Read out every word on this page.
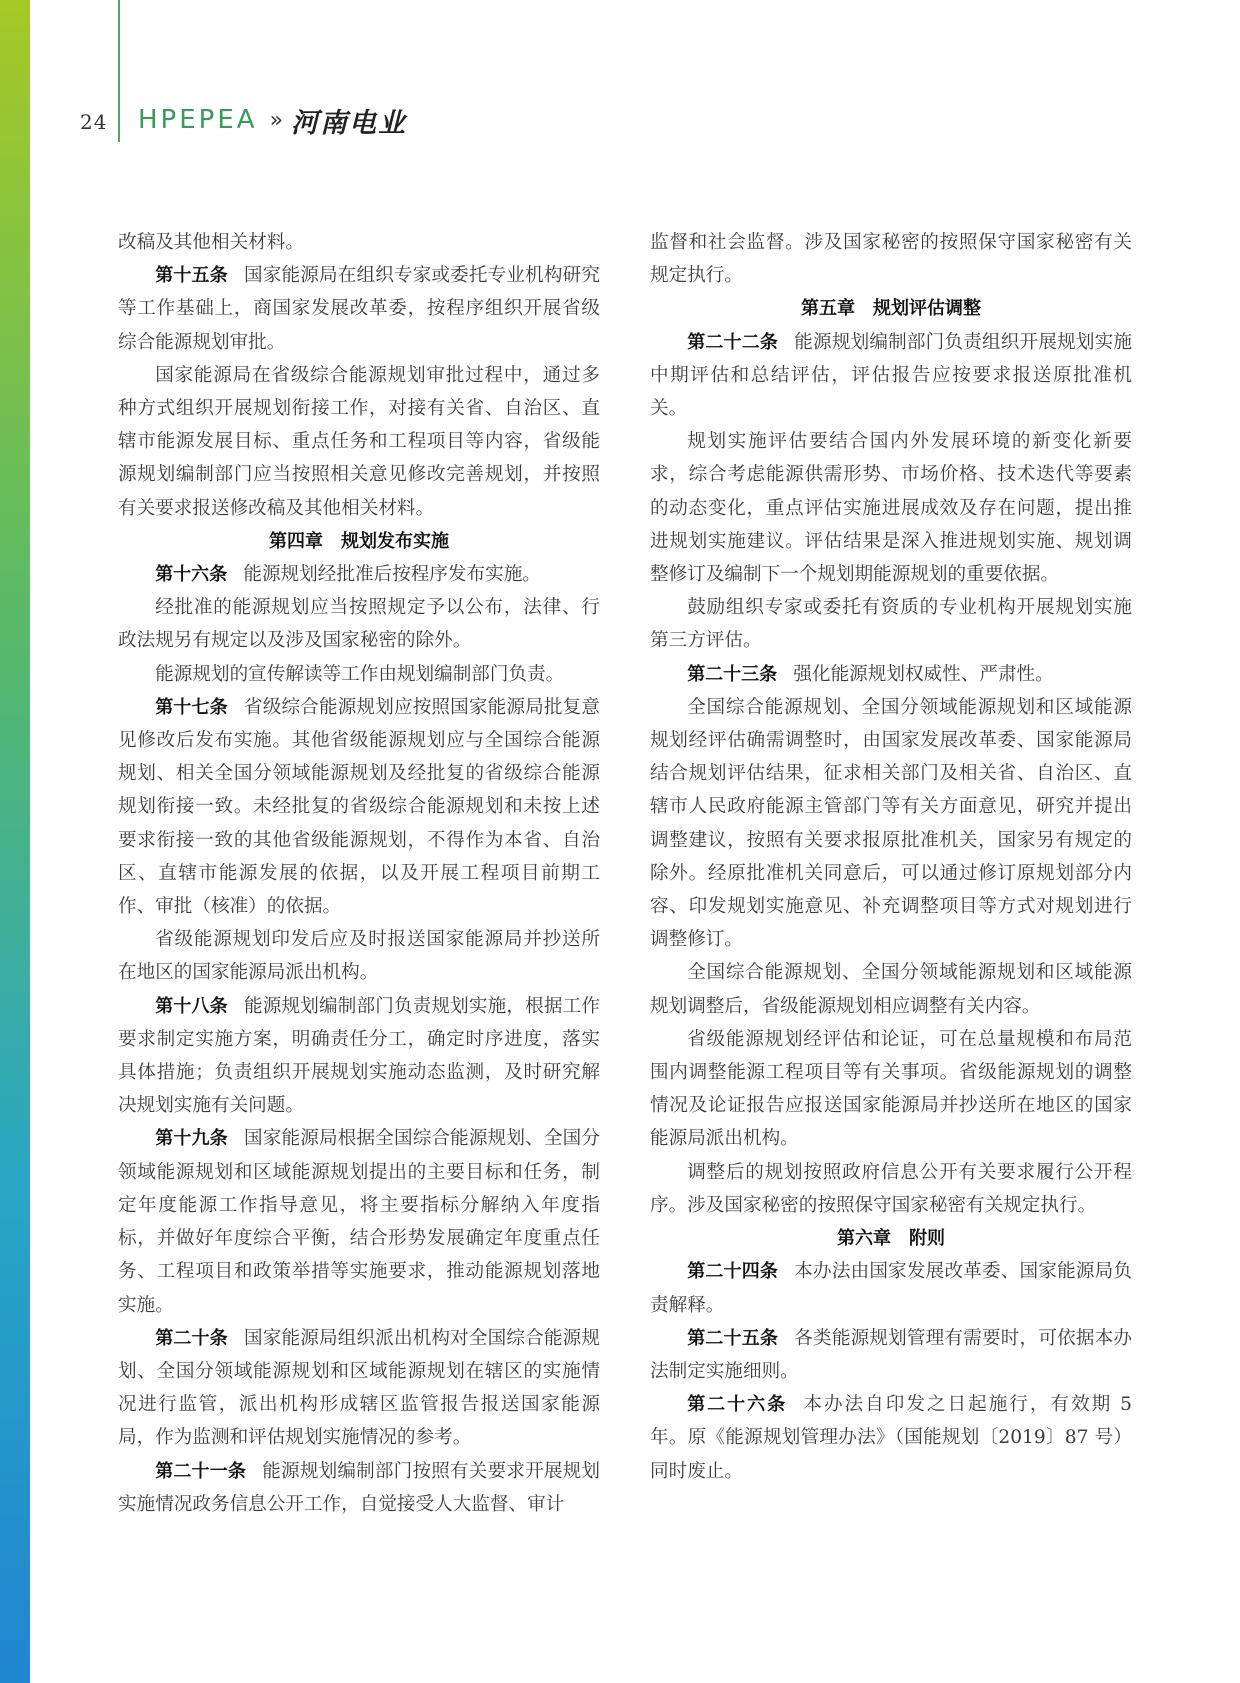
24 HΡΕΡΕΑ » 河南电业

改稿及其他相关材料。

第十五条 国家能源局在组织专家或委托专业机构研究等工作基础上，商国家发展改革委，按程序组织开展省级综合能源规划审批。

国家能源局在省级综合能源规划审批过程中，通过多种方式组织开展规划衔接工作，对接有关省、自治区、直辖市能源发展目标、重点任务和工程项目等内容，省级能源规划编制部门应当按照相关意见修改完善规划，并按照有关要求报送修改稿及其他相关材料。

第四章　规划发布实施

第十六条 能源规划经批准后按程序发布实施。

经批准的能源规划应当按照规定予以公布，法律、行政法规另有规定以及涉及国家秘密的除外。

能源规划的宣传解读等工作由规划编制部门负责。

第十七条 省级综合能源规划应按照国家能源局批复意见修改后发布实施。其他省级能源规划应与全国综合能源规划、相关全国分领域能源规划及经批复的省级综合能源规划衔接一致。未经批复的省级综合能源规划和未按上述要求衔接一致的其他省级能源规划，不得作为本省、自治区、直辖市能源发展的依据，以及开展工程项目前期工作、审批（核准）的依据。

省级能源规划印发后应及时报送国家能源局并抄送所在地区的国家能源局派出机构。

第十八条 能源规划编制部门负责规划实施，根据工作要求制定实施方案，明确责任分工，确定时序进度，落实具体措施；负责组织开展规划实施动态监测，及时研究解决规划实施有关问题。

第十九条 国家能源局根据全国综合能源规划、全国分领域能源规划和区域能源规划提出的主要目标和任务，制定年度能源工作指导意见，将主要指标分解纳入年度指标，并做好年度综合平衡，结合形势发展确定年度重点任务、工程项目和政策举措等实施要求，推动能源规划落地实施。

第二十条 国家能源局组织派出机构对全国综合能源规划、全国分领域能源规划和区域能源规划在辖区的实施情况进行监管，派出机构形成辖区监管报告报送国家能源局，作为监测和评估规划实施情况的参考。

第二十一条 能源规划编制部门按照有关要求开展规划实施情况政务信息公开工作，自觉接受人大监督、审计

监督和社会监督。涉及国家秘密的按照保守国家秘密有关规定执行。

第五章　规划评估调整

第二十二条 能源规划编制部门负责组织开展规划实施中期评估和总结评估，评估报告应按要求报送原批准机关。

规划实施评估要结合国内外发展环境的新变化新要求，综合考虑能源供需形势、市场价格、技术迭代等要素的动态变化，重点评估实施进展成效及存在问题，提出推进规划实施建议。评估结果是深入推进规划实施、规划调整修订及编制下一个规划期能源规划的重要依据。

鼓励组织专家或委托有资质的专业机构开展规划实施第三方评估。

第二十三条 强化能源规划权威性、严肃性。

全国综合能源规划、全国分领域能源规划和区域能源规划经评估确需调整时，由国家发展改革委、国家能源局结合规划评估结果，征求相关部门及相关省、自治区、直辖市人民政府能源主管部门等有关方面意见，研究并提出调整建议，按照有关要求报原批准机关，国家另有规定的除外。经原批准机关同意后，可以通过修订原规划部分内容、印发规划实施意见、补充调整项目等方式对规划进行调整修订。

全国综合能源规划、全国分领域能源规划和区域能源规划调整后，省级能源规划相应调整有关内容。

省级能源规划经评估和论证，可在总量规模和布局范围内调整能源工程项目等有关事项。省级能源规划的调整情况及论证报告应报送国家能源局并抄送所在地区的国家能源局派出机构。

调整后的规划按照政府信息公开有关要求履行公开程序。涉及国家秘密的按照保守国家秘密有关规定执行。

第六章　附则

第二十四条 本办法由国家发展改革委、国家能源局负责解释。

第二十五条 各类能源规划管理有需要时，可依据本办法制定实施细则。

第二十六条 本办法自印发之日起施行，有效期 5 年。原《能源规划管理办法》（国能规划〔2019〕87 号）同时废止。
